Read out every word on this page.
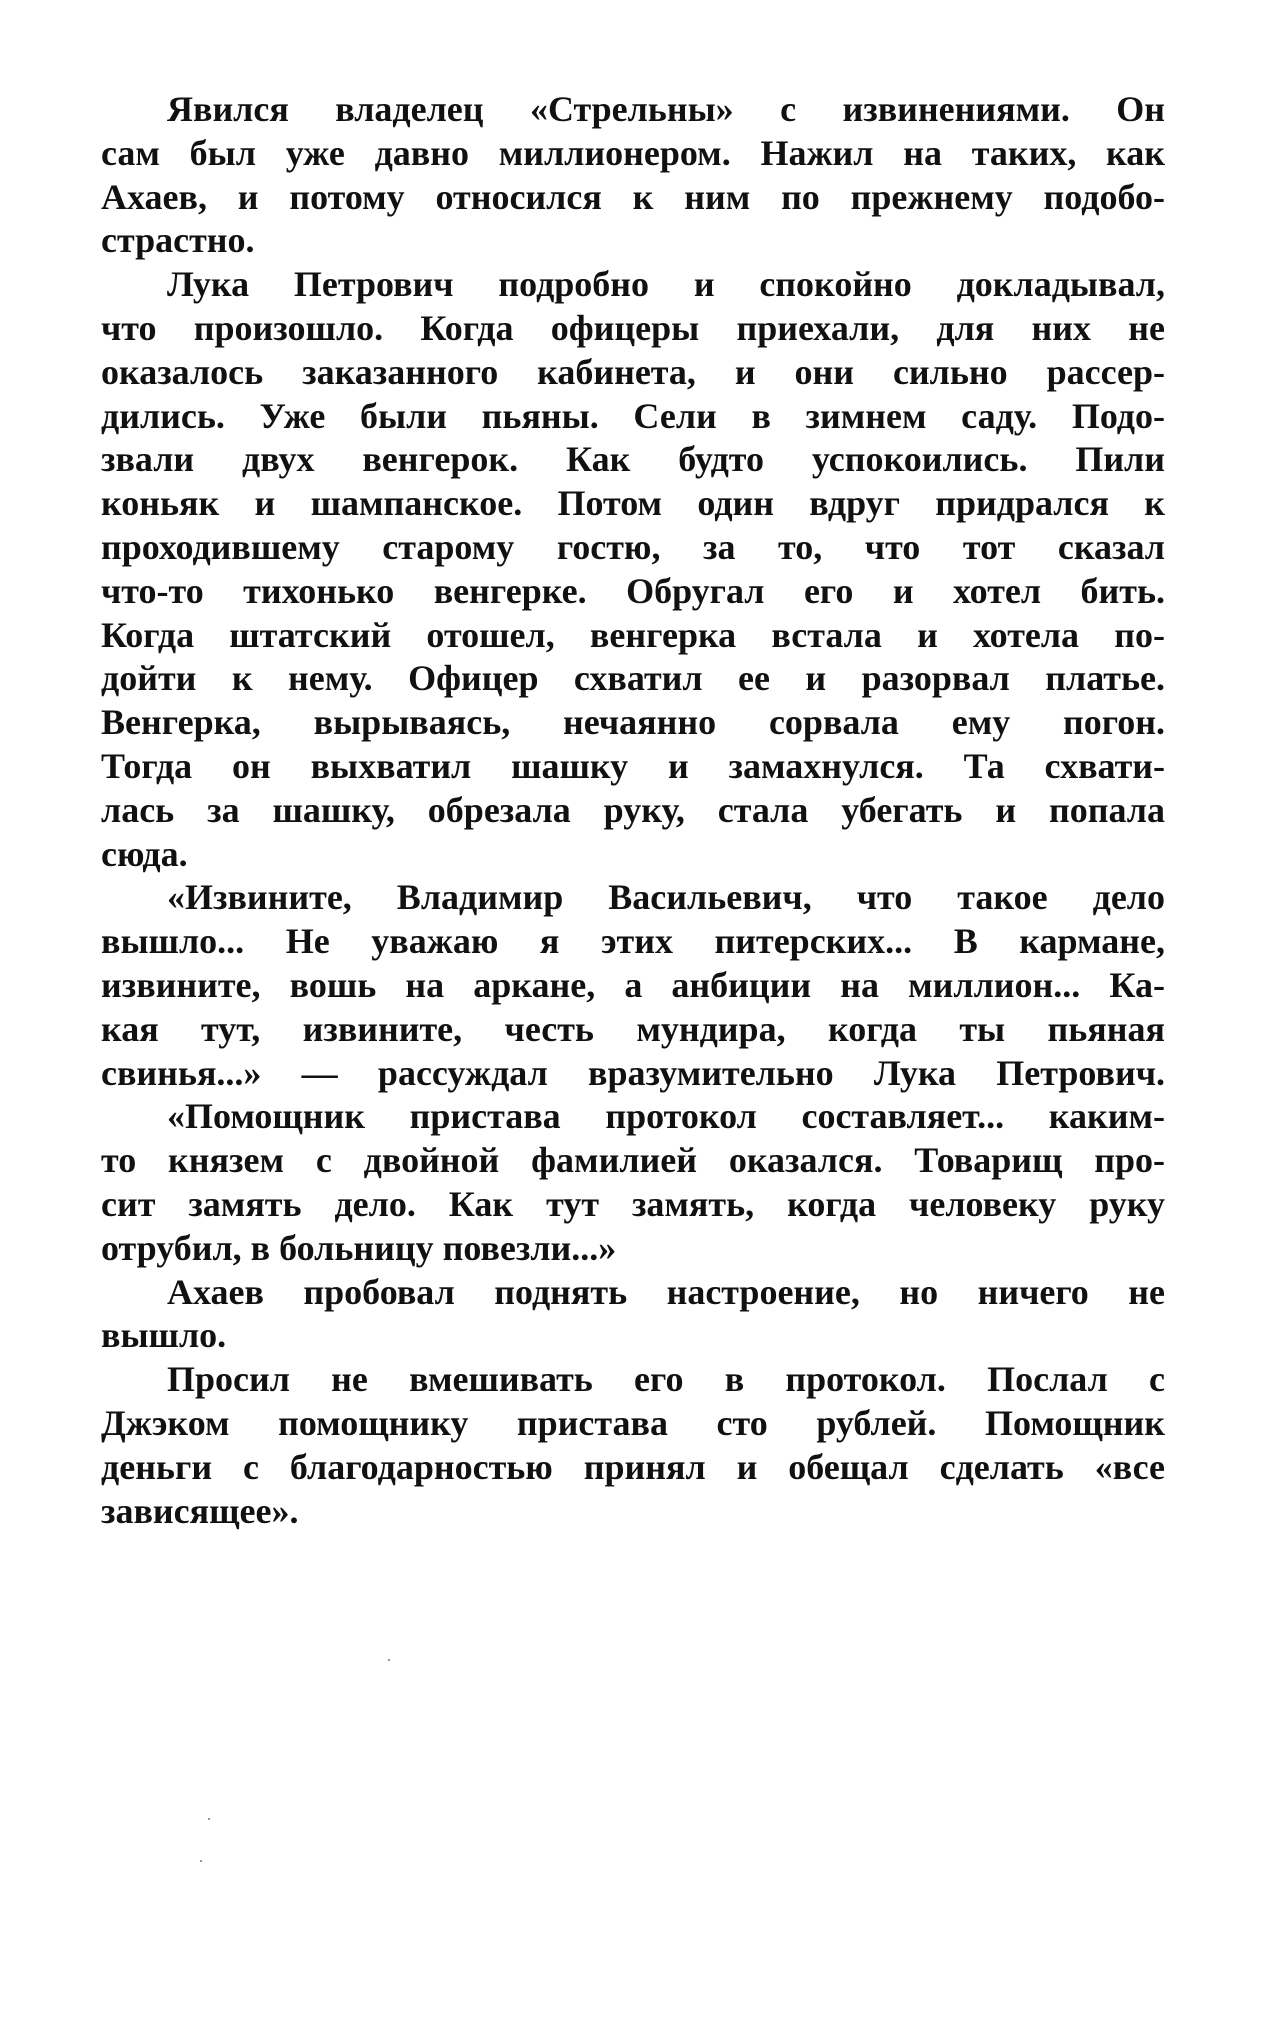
Явился владелец «Стрельны» с извинениями. Он
сам был уже давно миллионером. Нажил на таких, как
Ахаев, и потому относился к ним по прежнему подобо-
страстно.
Лука Петрович подробно и спокойно докладывал,
что произошло. Когда офицеры приехали, для них не
оказалось заказанного кабинета, и они сильно рассер-
дились. Уже были пьяны. Сели в зимнем саду. Подо-
звали двух венгерок. Как будто успокоились. Пили
коньяк и шампанское. Потом один вдруг придрался к
проходившему старому гостю, за то, что тот сказал
что-то тихонько венгерке. Обругал его и хотел бить.
Когда штатский отошел, венгерка встала и хотела по-
дойти к нему. Офицер схватил ее и разорвал платье.
Венгерка, вырываясь, нечаянно сорвала ему погон.
Тогда он выхватил шашку и замахнулся. Та схвати-
лась за шашку, обрезала руку, стала убегать и попала
сюда.
«Извините, Владимир Васильевич, что такое дело
вышло... Не уважаю я этих питерских... В кармане,
извините, вошь на аркане, а анбиции на миллион... Ка-
кая тут, извините, честь мундира, когда ты пьяная
свинья...» — рассуждал вразумительно Лука Петрович.
«Помощник пристава протокол составляет... каким-
то князем с двойной фамилией оказался. Товарищ про-
сит замять дело. Как тут замять, когда человеку руку
отрубил, в больницу повезли...»
Ахаев пробовал поднять настроение, но ничего не
вышло.
Просил не вмешивать его в протокол. Послал с
Джэком помощнику пристава сто рублей. Помощник
деньги с благодарностью принял и обещал сделать «все
зависящее».
